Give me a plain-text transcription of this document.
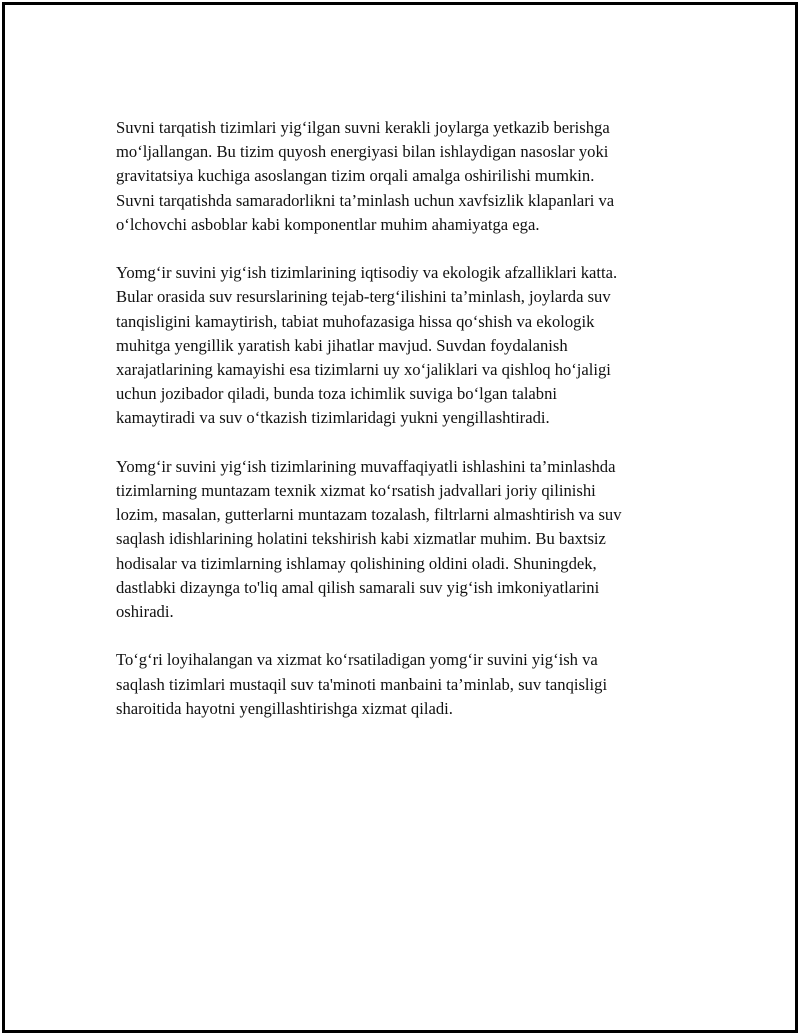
Suvni tarqatish tizimlari yig‘ilgan suvni kerakli joylarga yetkazib berishga
mo‘ljallangan. Bu tizim quyosh energiyasi bilan ishlaydigan nasoslar yoki
gravitatsiya kuchiga asoslangan tizim orqali amalga oshirilishi mumkin.
Suvni tarqatishda samaradorlikni ta’minlash uchun xavfsizlik klapanlari va
o‘lchovchi asboblar kabi komponentlar muhim ahamiyatga ega.

Yomg‘ir suvini yig‘ish tizimlarining iqtisodiy va ekologik afzalliklari katta.
Bular orasida suv resurslarining tejab-terg‘ilishini ta’minlash, joylarda suv
tanqisligini kamaytirish, tabiat muhofazasiga hissa qo‘shish va ekologik
muhitga yengillik yaratish kabi jihatlar mavjud. Suvdan foydalanish
xarajatlarining kamayishi esa tizimlarni uy xo‘jaliklari va qishloq ho‘jaligi
uchun jozibador qiladi, bunda toza ichimlik suviga bo‘lgan talabni
kamaytiradi va suv o‘tkazish tizimlaridagi yukni yengillashtiradi.

Yomg‘ir suvini yig‘ish tizimlarining muvaffaqiyatli ishlashini ta’minlashda
tizimlarning muntazam texnik xizmat ko‘rsatish jadvallari joriy qilinishi
lozim, masalan, gutterlarni muntazam tozalash, filtrlarni almashtirish va suv
saqlash idishlarining holatini tekshirish kabi xizmatlar muhim. Bu baxtsiz
hodisalar va tizimlarning ishlamay qolishining oldini oladi. Shuningdek,
dastlabki dizaynga to'liq amal qilish samarali suv yig‘ish imkoniyatlarini
oshiradi.

To‘g‘ri loyihalangan va xizmat ko‘rsatiladigan yomg‘ir suvini yig‘ish va
saqlash tizimlari mustaqil suv ta'minoti manbaini ta’minlab, suv tanqisligi
sharoitida hayotni yengillashtirishga xizmat qiladi.
